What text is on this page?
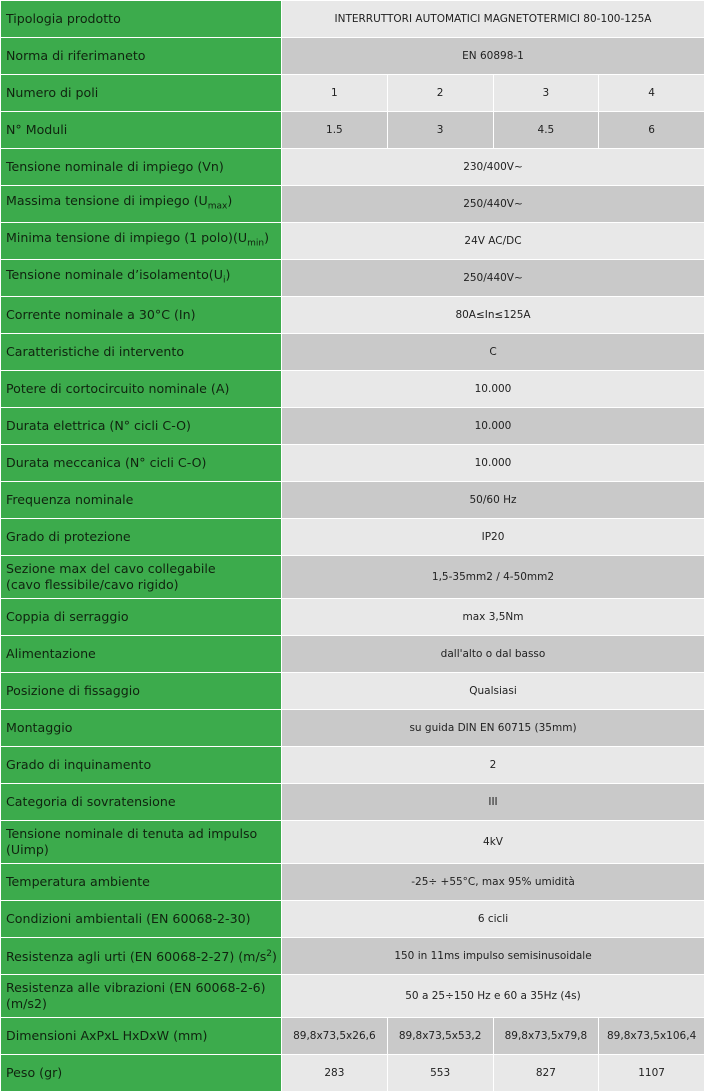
Tipologia prodotto	INTERRUTTORI AUTOMATICI MAGNETOTERMICI 80-100-125A			
Norma di riferimaneto	EN 60898-1			
Numero di poli	1	2	3	4
N° Moduli	1.5	3	4.5	6
Tensione nominale di impiego (Vn)	230/400V~			
Massima tensione di impiego $(U_{max})$	250/440V~			
Minima tensione di impiego (1 $polo)(U_{min})$	24V AC/DC			
Tensione nominale $d’isolamento(U_i)$	250/440V~			
Corrente nominale a 30°C (In)	80A≤In≤125A			
Caratteristiche di intervento	C			
Potere di cortocircuito nominale (A)	10.000			
Durata elettrica (N° cicli C-O)	10.000			
Durata meccanica (N° cicli C-O)	10.000			
Frequenza nominale	50/60 Hz			
Grado di protezione	IP20			
Sezione max del cavo collegabile
(cavo flessibile/cavo rigido)	1,5-35mm2 / 4-50mm2			
Coppia di serraggio	max 3,5Nm			
Alimentazione	dall'alto o dal basso			
Posizione di fissaggio	Qualsiasi			
Montaggio	su guida DIN EN 60715 (35mm)			
Grado di inquinamento	2			
Categoria di sovratensione	III			
Tensione nominale di tenuta ad impulso
(Uimp)	4kV			
Temperatura ambiente	-25÷ +55°C, max 95% umidità			
Condizioni ambientali (EN 60068-2-30)	6 cicli			
Resistenza agli urti (EN 60068-2-27) $(m/s^2)$	150 in 11ms impulso semisinusoidale			
Resistenza alle vibrazioni (EN 60068-2-6)
(m/s2)	50 a 25÷150 Hz e 60 a 35Hz (4s)			
Dimensioni AxPxL HxDxW (mm)	89,8x73,5x26,6	89,8x73,5x53,2	89,8x73,5x79,8	89,8x73,5x106,4
Peso (gr)	283	553	827	1107
